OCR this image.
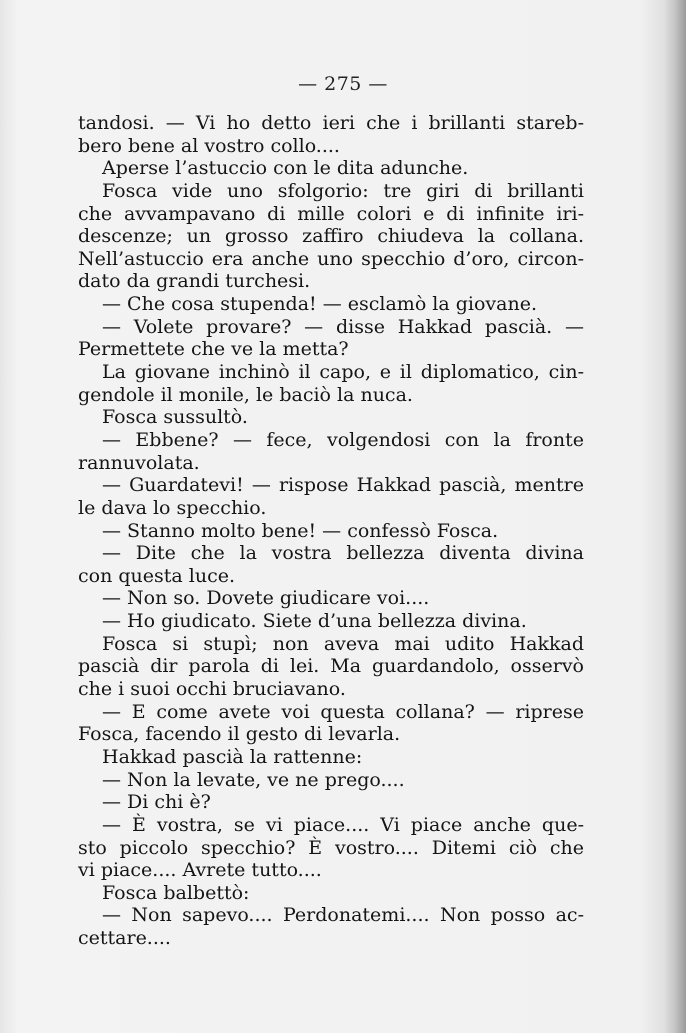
— 275 —
tandosi. — Vi ho detto ieri che i brillanti stareb-
bero bene al vostro collo....
Aperse l’astuccio con le dita adunche.
Fosca vide uno sfolgorio: tre giri di brillanti
che avvampavano di mille colori e di infinite iri-
descenze; un grosso zaffiro chiudeva la collana.
Nell’astuccio era anche uno specchio d’oro, circon-
dato da grandi turchesi.
— Che cosa stupenda! — esclamò la giovane.
— Volete provare? — disse Hakkad pascià. —
Permettete che ve la metta?
La giovane inchinò il capo, e il diplomatico, cin-
gendole il monile, le baciò la nuca.
Fosca sussultò.
— Ebbene? — fece, volgendosi con la fronte
rannuvolata.
— Guardatevi! — rispose Hakkad pascià, mentre
le dava lo specchio.
— Stanno molto bene! — confessò Fosca.
— Dite che la vostra bellezza diventa divina
con questa luce.
— Non so. Dovete giudicare voi....
— Ho giudicato. Siete d’una bellezza divina.
Fosca si stupì; non aveva mai udito Hakkad
pascià dir parola di lei. Ma guardandolo, osservò
che i suoi occhi bruciavano.
— E come avete voi questa collana? — riprese
Fosca, facendo il gesto di levarla.
Hakkad pascià la rattenne:
— Non la levate, ve ne prego....
— Di chi è?
— È vostra, se vi piace.... Vi piace anche que-
sto piccolo specchio? È vostro.... Ditemi ciò che
vi piace.... Avrete tutto....
Fosca balbettò:
— Non sapevo.... Perdonatemi.... Non posso ac-
cettare....
